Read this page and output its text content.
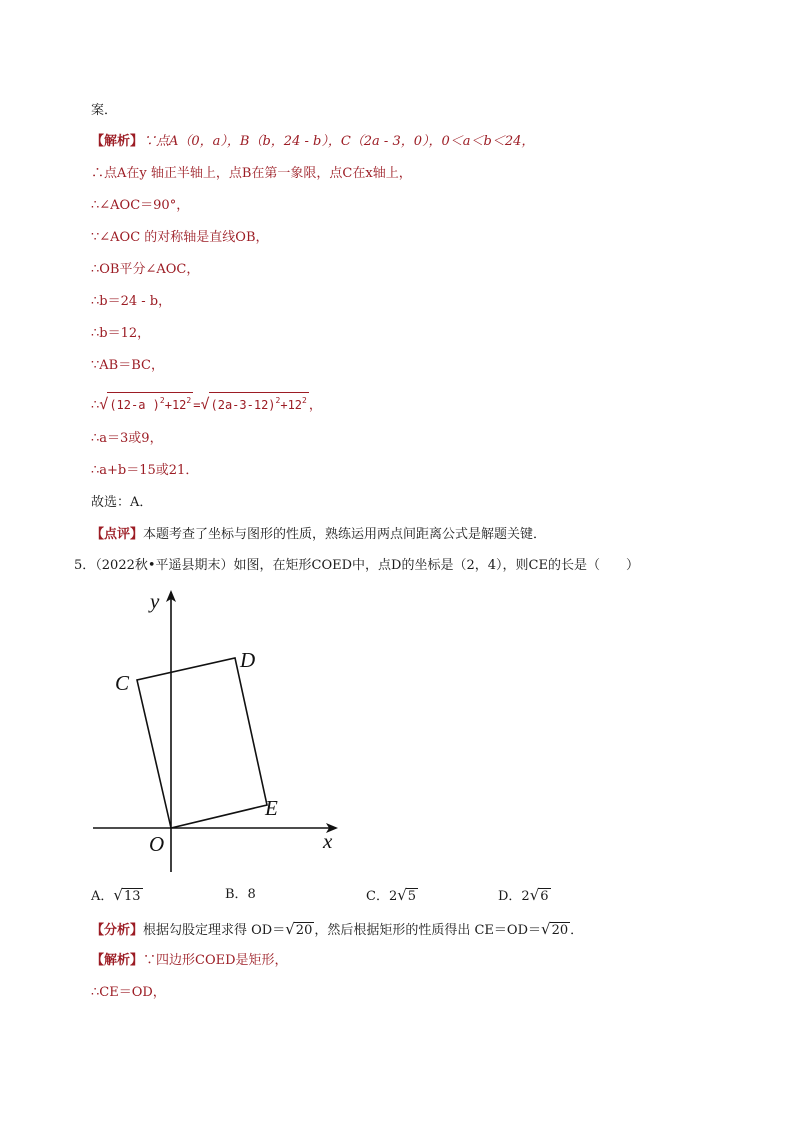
案．
【解析】∵点A（0，a），B（b，24 - b），C（2a - 3，0），0＜a＜b＜24，
∴点A在y 轴正半轴上，点B在第一象限，点C在x轴上，
∴∠AOC＝90°，
∵∠AOC 的对称轴是直线OB，
∴OB平分∠AOC，
∴b＝24 - b，
∴b＝12，
∵AB＝BC，
∴√(12-a )$^2+12^2 =√(2a-3-12)^2+12^2$ ，
∴a＝3或9，
∴a+b＝15或21．
故选：A．
【点评】本题考查了坐标与图形的性质，熟练运用两点间距离公式是解题关键．
5．（2022秋•平遥县期末）如图，在矩形COED中，点D的坐标是（2，4），则CE的长是（　　）
y
x
C
D
E
O
A．√13	B．8	C．2√5	D．2√6
【分析】根据勾股定理求得 OD＝√20 ，然后根据矩形的性质得出 CE＝OD＝√20 ．
【解析】∵四边形COED是矩形，
∴CE＝OD，
